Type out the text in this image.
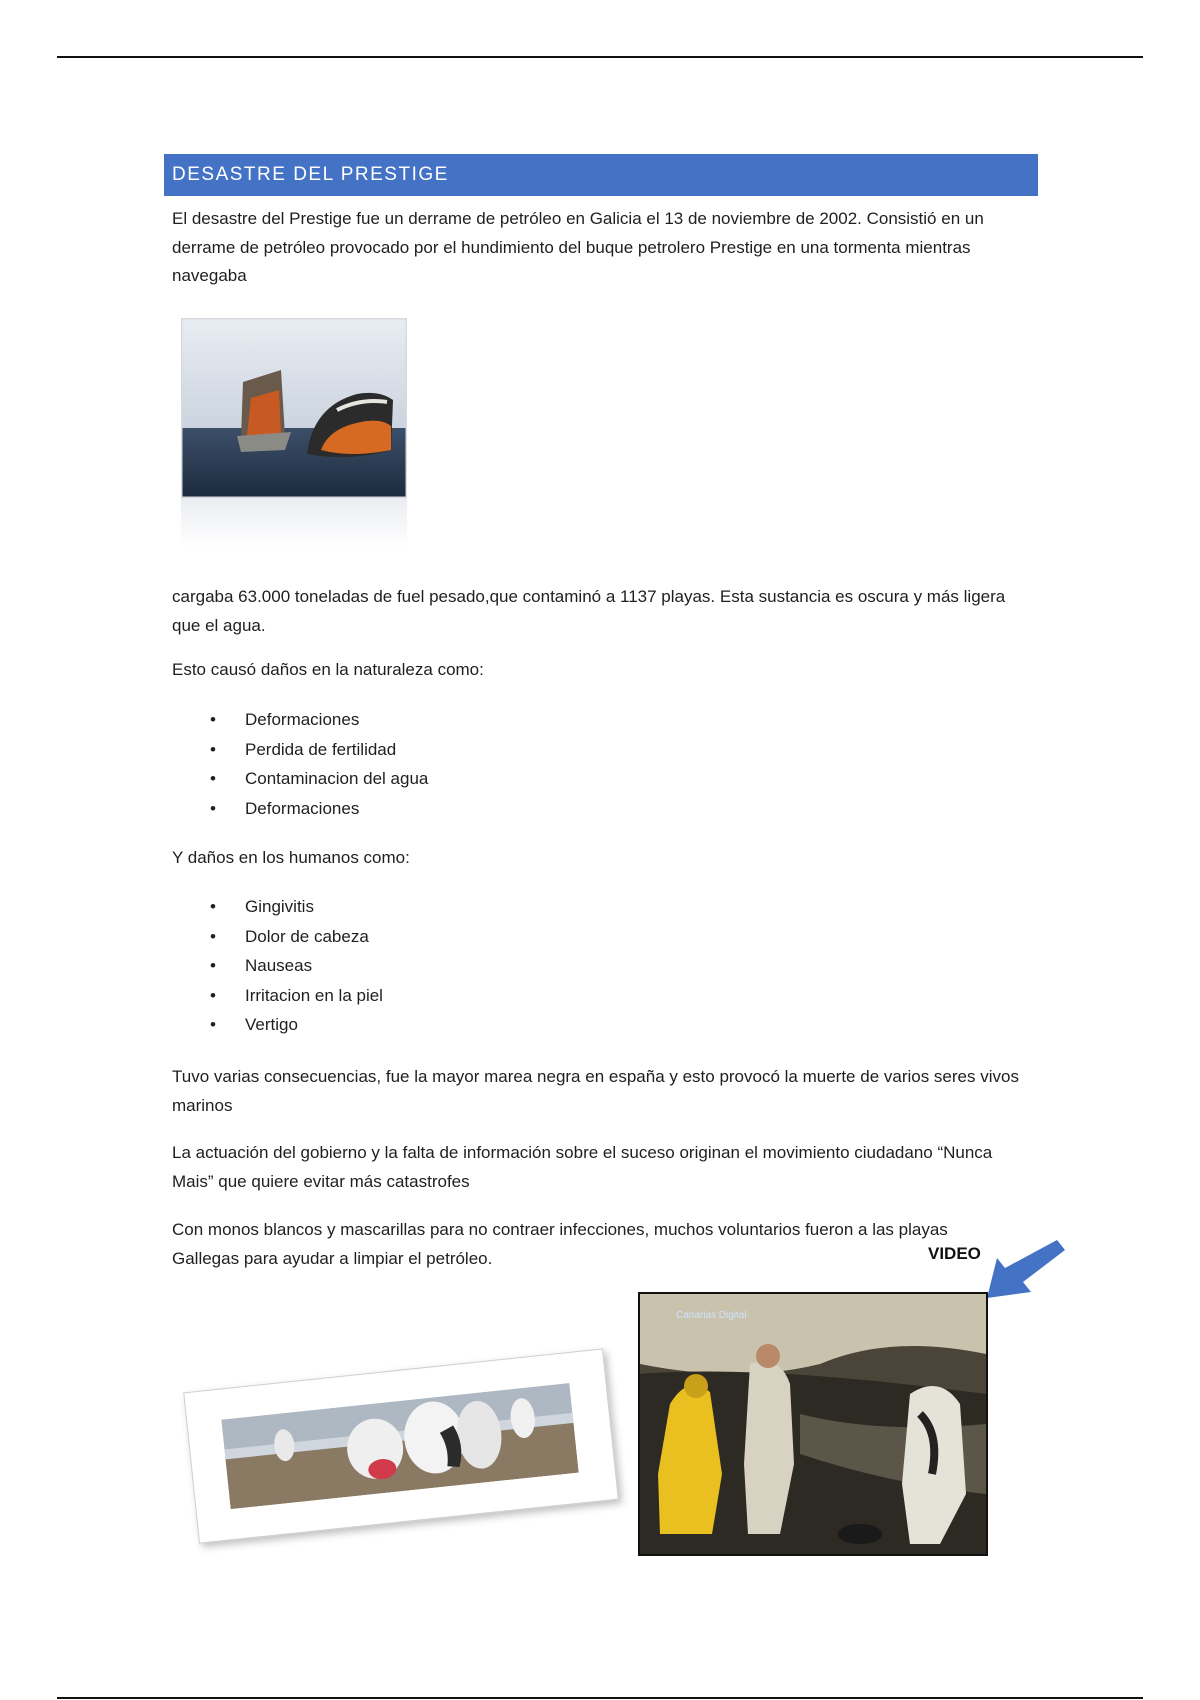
DESASTRE DEL PRESTIGE

El desastre del Prestige fue un derrame de petróleo en Galicia el 13 de noviembre de 2002. Consistió en un derrame de petróleo provocado por el hundimiento del buque petrolero Prestige en una tormenta mientras navegaba

cargaba 63.000 toneladas de fuel pesado,que contaminó a 1137 playas. Esta sustancia es oscura y más ligera que el agua.

Esto causó daños en la naturaleza como:

• Deformaciones
• Perdida de fertilidad
• Contaminacion del agua
• Deformaciones

Y daños en los humanos como:

• Gingivitis
• Dolor de cabeza
• Nauseas
• Irritacion en la piel
• Vertigo

Tuvo varias consecuencias, fue la mayor marea negra en españa y esto provocó la muerte de varios seres vivos marinos

La actuación del gobierno y la falta de información sobre el suceso originan el movimiento ciudadano “Nunca Mais” que quiere evitar más catastrofes

Con monos blancos y mascarillas para no contraer infecciones, muchos voluntarios fueron a las playas Gallegas para ayudar a limpiar el petróleo.	VIDEO
Canarias Digital
